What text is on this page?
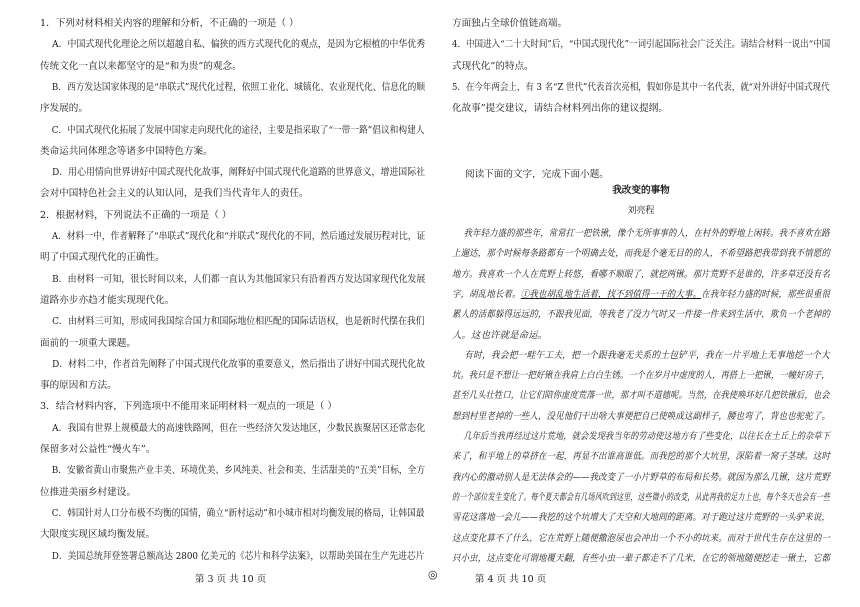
1．下列对材料相关内容的理解和分析，不正确的一项是（ ）
A．中国式现代化理论之所以超越自私、偏狭的西方式现代化的观点，是因为它根植的中华优秀
传统文化一直以来都坚守的是“和为贵”的观念。
B．西方发达国家体现的是“串联式”现代化过程，依照工业化、城镇化、农业现代化、信息化的顺
序发展的。
C．中国式现代化拓展了发展中国家走向现代化的途径，主要是指采取了“一带一路”倡议和构建人
类命运共同体理念等诸多中国特色方案。
D．用心用情向世界讲好中国式现代化故事，阐释好中国式现代化道路的世界意义，增进国际社
会对中国特色社会主义的认知认同，是我们当代青年人的责任。
2．根据材料，下列说法不正确的一项是（ ）
A．材料一中，作者解释了“串联式”现代化和“并联式”现代化的不同，然后通过发展历程对比，证
明了中国式现代化的正确性。
B．由材料一可知，很长时间以来，人们都一直认为其他国家只有沿着西方发达国家现代化发展
道路亦步亦趋才能实现现代化。
C．由材料三可知，形成同我国综合国力和国际地位相匹配的国际话语权，也是新时代摆在我们
面前的一项重大课题。
D．材料二中，作者首先阐释了中国式现代化故事的重要意义，然后指出了讲好中国式现代化故
事的原因和方法。
3．结合材料内容，下列选项中不能用来证明材料一观点的一项是（ ）
A．我国有世界上规模最大的高速铁路网，但在一些经济欠发达地区，少数民族聚居区还常态化
保留多对公益性“慢火车”。
B．安徽省黄山市聚焦产业丰美、环境优美、乡风纯美、社会和美、生活甜美的“五美”目标，全方
位推进美丽乡村建设。
C．韩国针对人口分布极不均衡的国情，确立“新村运动”和小城市相对均衡发展的格局，让韩国最
大限度实现区域均衡发展。
D．美国总统拜登签署总额高达 2800 亿美元的《芯片和科学法案》，以帮助美国在生产先进芯片
方面独占全球价值链高端。
4．中国进入“二十大时间”后，“中国式现代化”一词引起国际社会广泛关注。请结合材料一说出“中国
式现代化”的特点。
5．在今年两会上，有 3 名“Z 世代”代表首次亮相，假如你是其中一名代表，就“对外讲好中国式现代
化故事”提交建议，请结合材料列出你的建议提纲。
阅读下面的文字，完成下面小题。
我改变的事物
刘亮程
我年轻力盛的那些年，常常扛一把铁锹，像个无所事事的人，在村外的野地上闲转。我不喜欢在路
上遛达，那个时候每条路都有一个明确去处，而我是个毫无目的的人，不希望路把我带到我不情愿的
地方。我喜欢一个人在荒野上转悠，看哪不顺眼了，就挖两锹。那片荒野不是谁的，许多草还没有名
字，胡乱地长着。①我也胡乱地生活着，找不到值得一干的大事。在我年轻力盛的时候，那些很重很
累人的活都躲得远远的，不跟我见面，等我老了没力气时又一件接一件来到生活中，欺负一个老掉的
人。这也许就是命运。
有时，我会把一畦午工夫，把一个跟我毫无关系的土包铲平，我在一片平地上无事地挖一个大
坑。我只是不想让一把好锹在我肩上白白生锈。一个在岁月中虚度的人，再搭上一把锹，一幢好房子，
甚至几头壮牲口，让它们陪你虚度荒落一世，那才叫不道德呢。当然，在我使唤坏好几把铁锹后，也会
想到村里老掉的一些人，没见他们干出啥大事便把自已使唤成这副样子，腰也弯了，背也也驼驼了。
几年后当我再经过这片荒地，就会发现我当年的劳动使这地方有了些变化，以往长在土丘上的杂草下
来了，和平地上的草挤在一起，再显不出谁高谁低。而我挖的那个大坑里，深陷着一窝子茎球。这时
我内心的激动别人是无法体会的——我改变了一小片野草的布局和长势。就因为那么几锹，这片荒野
的一个部位发生变化了。每个夏天都会有几场风吹到这里，这些微小的改变，从此再我的足力上也，每个冬天也会有一些
雪花这落地一会儿——我挖的这个坑增大了天空和大地间的距离。对于跑过这片荒野的一头驴来说，
这点变化算不了什么，它在荒野上随便撒泡尿也会冲出一个不小的坑来。而对于世代生存在这里的一
只小虫，这点变化可谓地覆天翻，有些小虫一辈子都走不了几米，在它的领地随便挖走一锹土，它都
第 3 页 共 10 页	◎	第 4 页 共 10 页
